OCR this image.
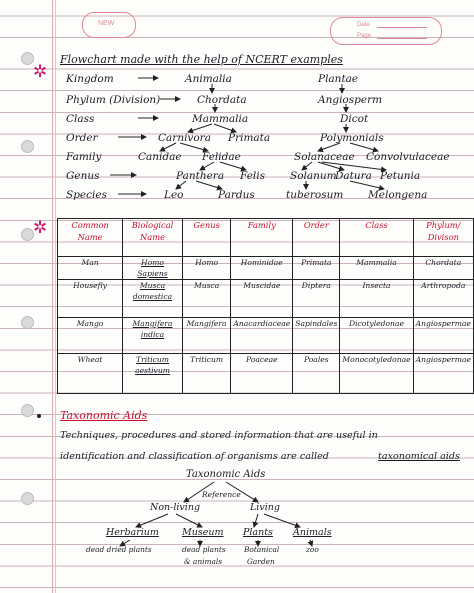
NEW	Date
Page
Flowchart made with the help of NCERT examples
✲ Kingdom	Animalia	Plantae
Phylum (Division)	Chordata	Angiosperm
Class	Mammalia	Dicot
Order	Carnivora Primata	Polymonials
Family	Canidae Felidae	Solanaceae Convolvulaceae
Genus	Panthera Felis Solanum
Datura Petunia
Species	Leo	Pardus	tuberosum Melongena
✲	Common Name	Biological Name	Genus	Family	Order	Class	Phylum/ Divison
Man	Homo Sapiens	Homo	Hominidae	Primata	Mammalia	Chordata
Housefly	Musca domestica	Musca	Muscidae	Diptera	Insecta	Arthropoda
Mango	Mangifera indica	Mangifera	Anacardiaceae	Sapindales	Dicotyledonae	Angiospermae
Wheat	Triticum aestivum	Triticum	Poaceae	Poales	Monocotyledonae	Angiospermae
Taxonomic Aids
Techniques, procedures and stored information that are useful in
identification and classification of organisms are called	taxonomical aids
Taxonomic Aids
Reference
Non-living	Living
Herbarium Museum Plants Animals
dead dried plants	dead plants
& animals
Botanical
Garden
zoo
